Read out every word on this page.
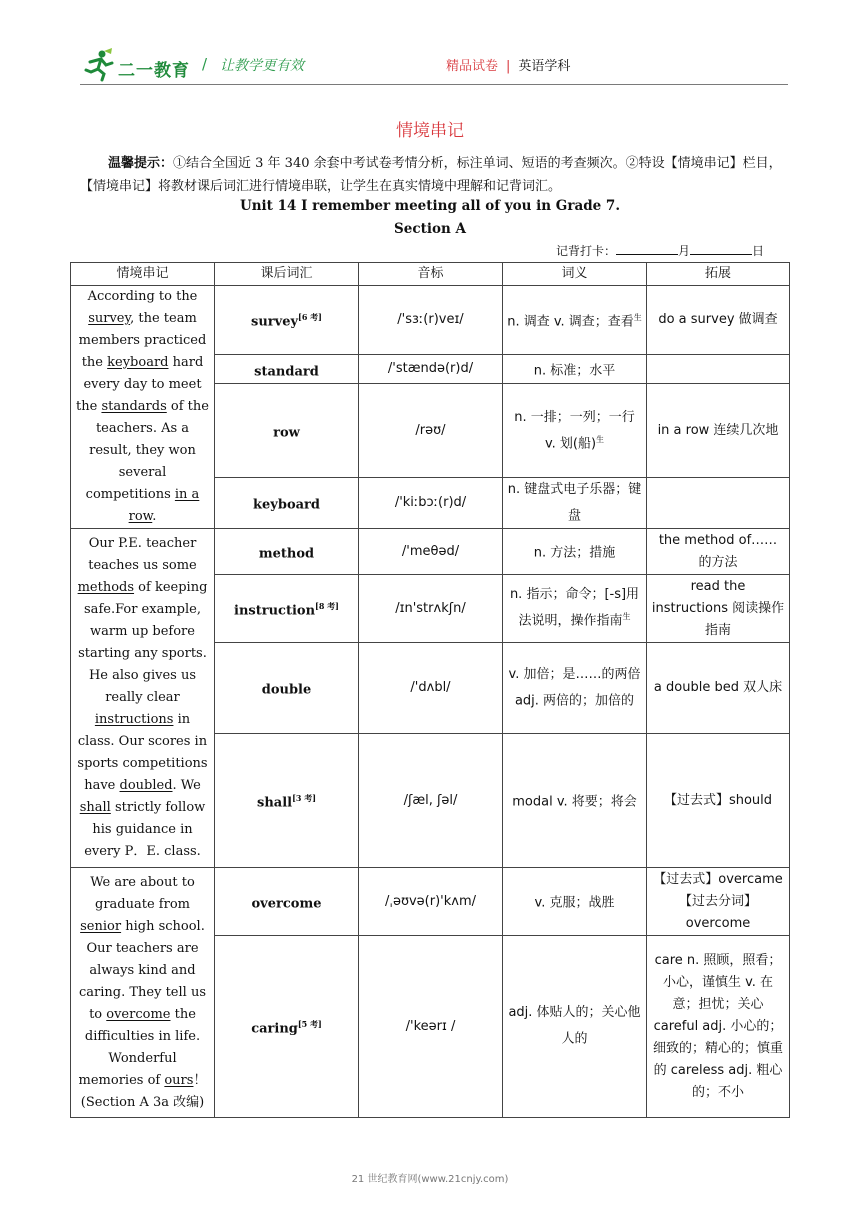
二一教育 / 让教学更有效	精品试卷 | 英语学科
情境串记
温馨提示：①结合全国近 3 年 340 余套中考试卷考情分析，标注单词、短语的考查频次。②特设【情境串记】栏目，【情境串记】将教材课后词汇进行情境串联，让学生在真实情境中理解和记背词汇。
Unit 14 I remember meeting all of you in Grade 7.
Section A
记背打卡：	月	日
情境串记	课后词汇	音标	词义	拓展
According to the survey, the team members practiced the keyboard hard every day to meet the standards of the teachers. As a result, they won several competitions in a row.	survey[6 考]	/'sɜː(r)veɪ/	n. 调查 v. 调查；查看$^生$	do a survey 做调查
	standard	/'stændə(r)d/	n. 标准；水平	
	row	/rəʊ/	n. 一排；一列；一行 v. 划(船)$^生$	in a row 连续几次地
	keyboard	/'kiːbɔː(r)d/	n. 键盘式电子乐器；键盘	
Our P.E. teacher teaches us some methods of keeping safe.For example, warm up before starting any sports. He also gives us really clear instructions in class. Our scores in sports competitions have doubled. We shall strictly follow his guidance in every P．E. class.	method	/'meθəd/	n. 方法；措施	the method of…… 的方法
	instruction[8 考]	/ɪn'strʌkʃn/	n. 指示；命令；[-s]用法说明，操作指南$^生$	read the instructions 阅读操作指南
	double	/'dʌbl/	v. 加倍；是……的两倍 adj. 两倍的；加倍的	a double bed 双人床
	shall[3 考]	/ʃæl, ʃəl/	modal v. 将要；将会	【过去式】should
We are about to graduate from senior high school. Our teachers are always kind and caring. They tell us to overcome the difficulties in life. Wonderful memories of ours！(Section A 3a 改编)	overcome	/ˌəʊvə(r)'kʌm/	v. 克服；战胜	【过去式】overcame 【过去分词】 overcome
	caring[5 考]	/'keərɪ /	adj. 体贴人的；关心他人的	care n. 照顾，照看；小心，谨慎生 v. 在意；担忧；关心 careful adj. 小心的；细致的；精心的；慎重的 careless adj. 粗心的；不小
21 世纪教育网(www.21cnjy.com)
